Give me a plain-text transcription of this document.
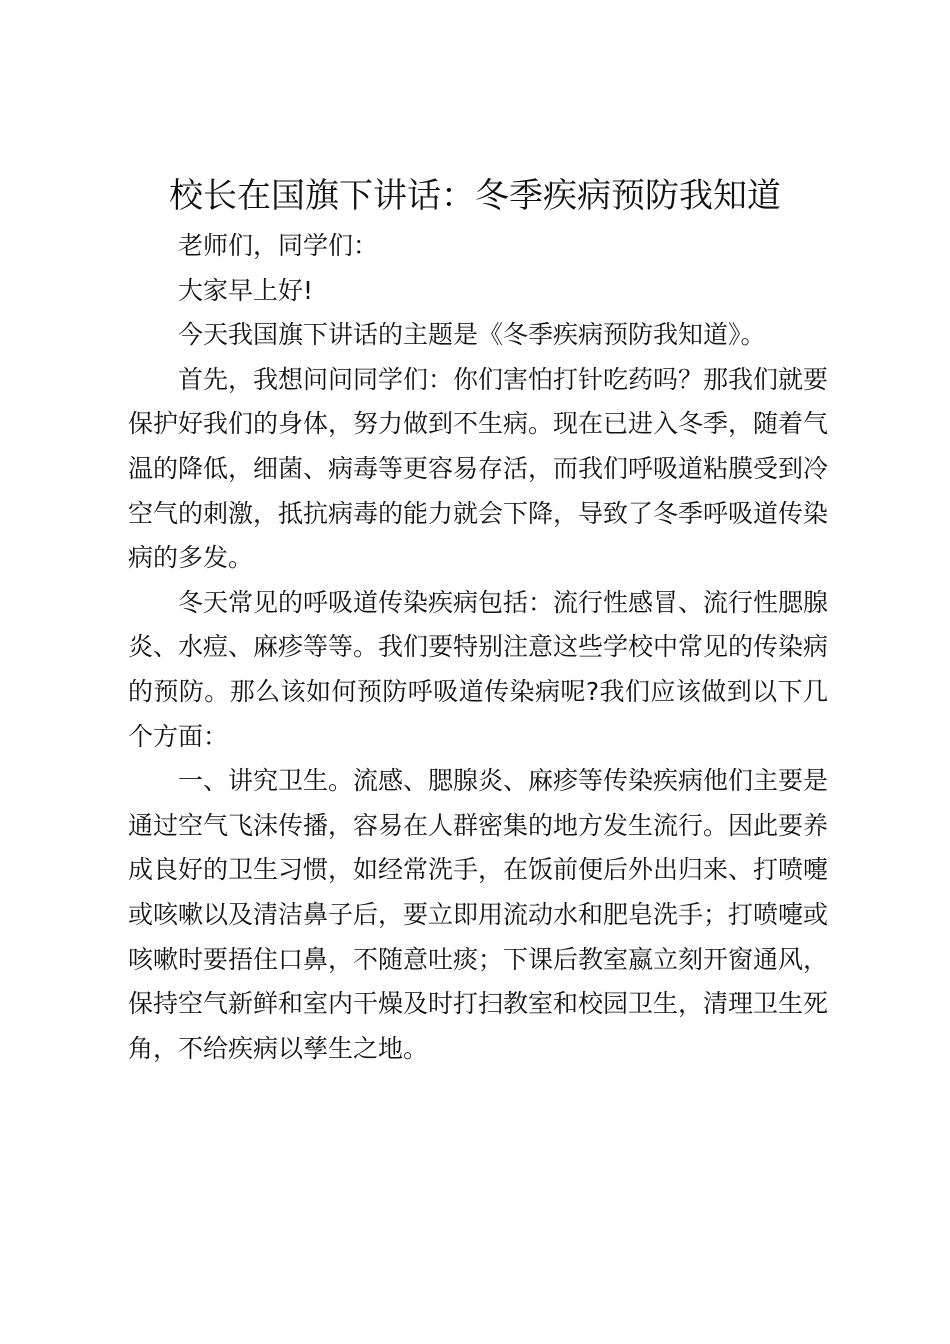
校长在国旗下讲话：冬季疾病预防我知道

老师们，同学们：

大家早上好!

今天我国旗下讲话的主题是《冬季疾病预防我知道》。

首先，我想问问同学们：你们害怕打针吃药吗？那我们就要保护好我们的身体，努力做到不生病。现在已进入冬季，随着气温的降低，细菌、病毒等更容易存活，而我们呼吸道粘膜受到冷空气的刺激，抵抗病毒的能力就会下降，导致了冬季呼吸道传染病的多发。

冬天常见的呼吸道传染疾病包括：流行性感冒、流行性腮腺炎、水痘、麻疹等等。我们要特别注意这些学校中常见的传染病的预防。那么该如何预防呼吸道传染病呢?我们应该做到以下几个方面：

一、讲究卫生。流感、腮腺炎、麻疹等传染疾病他们主要是通过空气飞沫传播，容易在人群密集的地方发生流行。因此要养成良好的卫生习惯，如经常洗手，在饭前便后外出归来、打喷嚏或咳嗽以及清洁鼻子后，要立即用流动水和肥皂洗手；打喷嚏或咳嗽时要捂住口鼻，不随意吐痰；下课后教室嬴立刻开窗通风，保持空气新鲜和室内干燥及时打扫教室和校园卫生，清理卫生死角，不给疾病以孳生之地。
